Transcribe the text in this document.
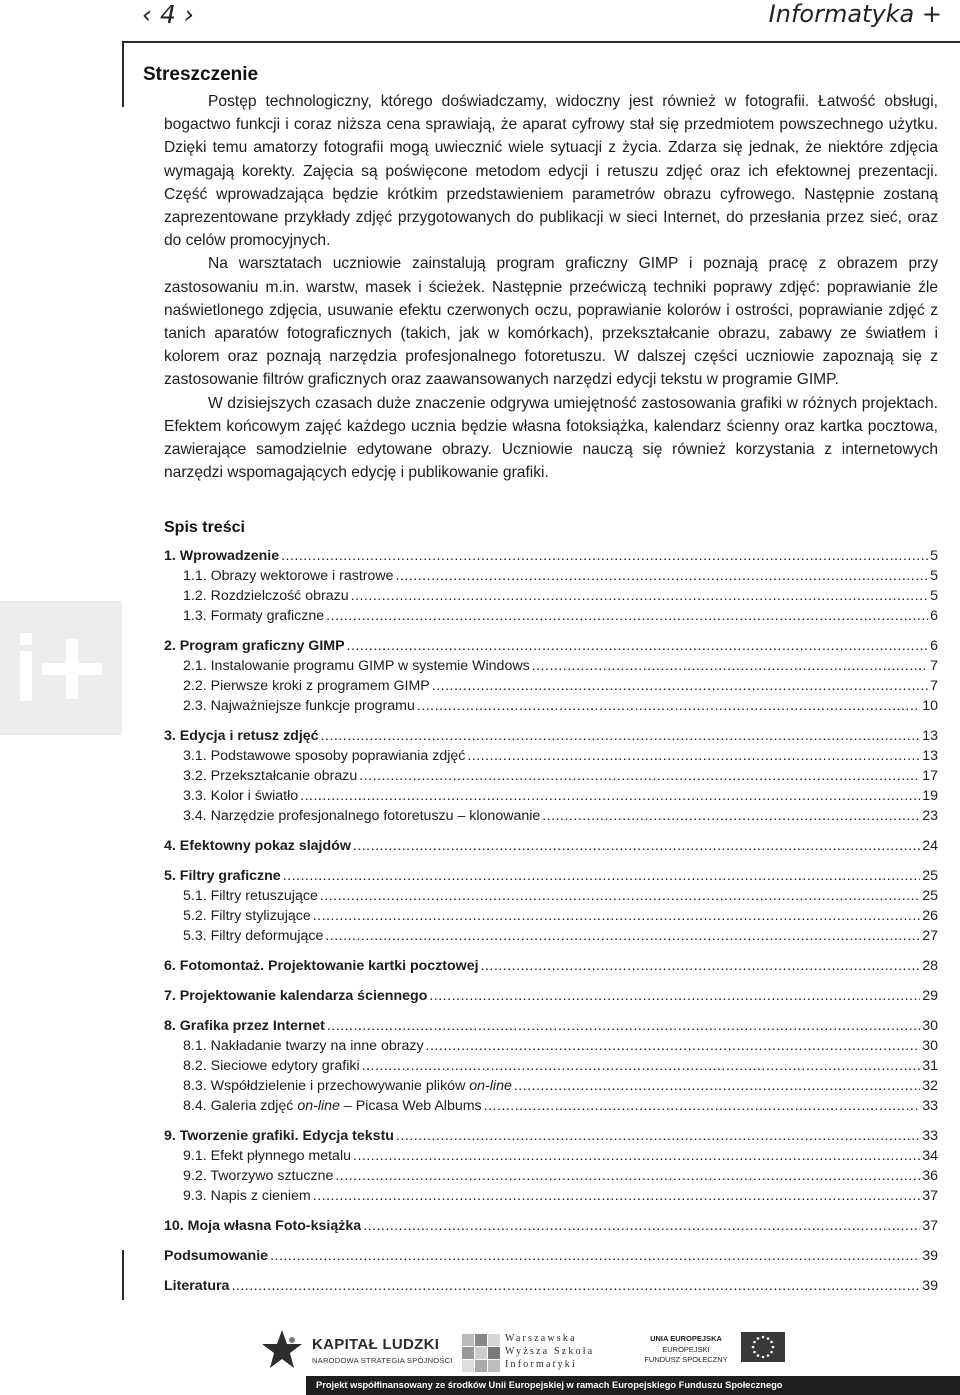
‹ 4 ›	Informatyka +
Streszczenie

Postęp technologiczny, którego doświadczamy, widoczny jest również w fotografii. Łatwość obsługi, bogactwo funkcji i coraz niższa cena sprawiają, że aparat cyfrowy stał się przedmiotem powszechnego użytku. Dzięki temu amatorzy fotografii mogą uwiecznić wiele sytuacji z życia. Zdarza się jednak, że niektóre zdjęcia wymagają korekty. Zajęcia są poświęcone metodom edycji i retuszu zdjęć oraz ich efektownej prezentacji. Część wprowadzająca będzie krótkim przedstawieniem parametrów obrazu cyfrowego. Następnie zostaną zaprezentowane przykłady zdjęć przygotowanych do publikacji w sieci Internet, do przesłania przez sieć, oraz do celów promocyjnych.

Na warsztatach uczniowie zainstalują program graficzny GIMP i poznają pracę z obrazem przy zastosowaniu m.in. warstw, masek i ścieżek. Następnie przećwiczą techniki poprawy zdjęć: poprawianie źle naświetlonego zdjęcia, usuwanie efektu czerwonych oczu, poprawianie kolorów i ostrości, poprawianie zdjęć z tanich aparatów fotograficznych (takich, jak w komórkach), przekształcanie obrazu, zabawy ze światłem i kolorem oraz poznają narzędzia profesjonalnego fotoretuszu. W dalszej części uczniowie zapoznają się z zastosowanie filtrów graficznych oraz zaawansowanych narzędzi edycji tekstu w programie GIMP.

W dzisiejszych czasach duże znaczenie odgrywa umiejętność zastosowania grafiki w różnych projektach. Efektem końcowym zajęć każdego ucznia będzie własna fotoksiążka, kalendarz ścienny oraz kartka pocztowa, zawierające samodzielnie edytowane obrazy. Uczniowie nauczą się również korzystania z internetowych narzędzi wspomagających edycję i publikowanie grafiki.

Spis treści
1. Wprowadzenie .....	5
1.1. Obrazy wektorowe i rastrowe .....	5
1.2. Rozdzielczość obrazu .....	5
1.3. Formaty graficzne .....	6
2. Program graficzny GIMP .....	6
2.1. Instalowanie programu GIMP w systemie Windows .....	7
2.2. Pierwsze kroki z programem GIMP .....	7
2.3. Najważniejsze funkcje programu .....	10
3. Edycja i retusz zdjęć .....	13
3.1. Podstawowe sposoby poprawiania zdjęć .....	13
3.2. Przekształcanie obrazu .....	17
3.3. Kolor i światło .....	19
3.4. Narzędzie profesjonalnego fotoretuszu – klonowanie .....	23
4. Efektowny pokaz slajdów .....	24
5. Filtry graficzne .....	25
5.1. Filtry retuszujące .....	25
5.2. Filtry stylizujące .....	26
5.3. Filtry deformujące .....	27
6. Fotomontaż. Projektowanie kartki pocztowej .....	28
7. Projektowanie kalendarza ściennego .....	29
8. Grafika przez Internet .....	30
8.1. Nakładanie twarzy na inne obrazy .....	30
8.2. Sieciowe edytory grafiki .....	31
8.3. Współdzielenie i przechowywanie plików on-line .....	32
8.4. Galeria zdjęć on-line – Picasa Web Albums .....	33
9. Tworzenie grafiki. Edycja tekstu .....	33
9.1. Efekt płynnego metalu .....	34
9.2. Tworzywo sztuczne .....	36
9.3. Napis z cieniem .....	37
10. Moja własna Foto-książka .....	37
Podsumowanie .....	39
Literatura .....	39
KAPITAŁ LUDZKI
NARODOWA STRATEGIA SPÓJNOŚCI
Warszawska
Wyższa Szkoła
Informatyki
UNIA EUROPEJSKA
EUROPEJSKI
FUNDUSZ SPOŁECZNY
Projekt współfinansowany ze środków Unii Europejskiej w ramach Europejskiego Funduszu Społecznego
